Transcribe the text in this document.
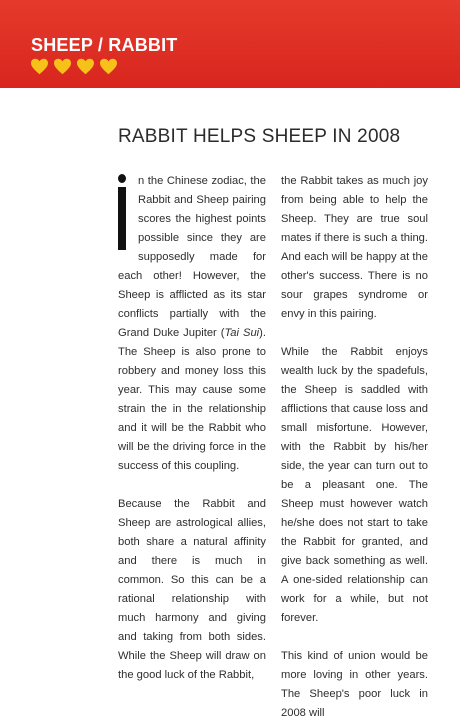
SHEEP / RABBIT
RABBIT HELPS SHEEP IN 2008
n the Chinese zodiac, the Rabbit and Sheep pairing scores the highest points possible since they are supposedly made for each other! However, the Sheep is afflicted as its star conflicts partially with the Grand Duke Jupiter (Tai Sui). The Sheep is also prone to robbery and money loss this year. This may cause some strain the in the relationship and it will be the Rabbit who will be the driving force in the success of this coupling.
Because the Rabbit and Sheep are astrological allies, both share a natural affinity and there is much in common. So this can be a rational relationship with much harmony and giving and taking from both sides. While the Sheep will draw on the good luck of the Rabbit,
the Rabbit takes as much joy from being able to help the Sheep. They are true soul mates if there is such a thing. And each will be happy at the other's success. There is no sour grapes syndrome or envy in this pairing.
While the Rabbit enjoys wealth luck by the spadefuls, the Sheep is saddled with afflictions that cause loss and small misfortune. However, with the Rabbit by his/her side, the year can turn out to be a pleasant one. The Sheep must however watch he/she does not start to take the Rabbit for granted, and give back something as well. A one-sided relationship can work for a while, but not forever.
This kind of union would be more loving in other years. The Sheep's poor luck in 2008 will
